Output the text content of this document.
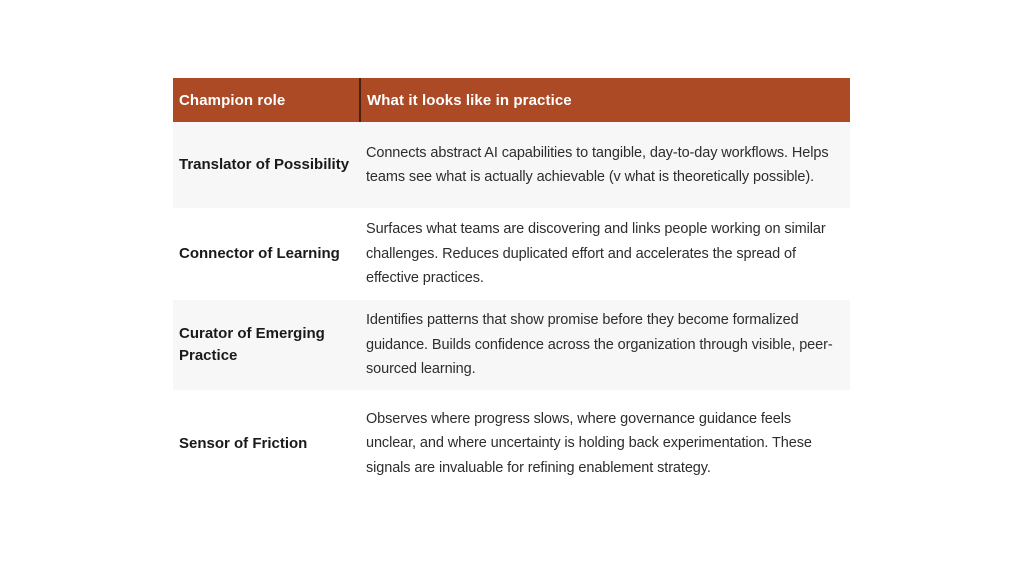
Champion role	What it looks like in practice
Translator of Possibility	Connects abstract AI capabilities to tangible, day-to-day workflows. Helps teams see what is actually achievable (v what is theoretically possible).
Connector of Learning	Surfaces what teams are discovering and links people working on similar challenges. Reduces duplicated effort and accelerates the spread of effective practices.
Curator of Emerging Practice	Identifies patterns that show promise before they become formalized guidance. Builds confidence across the organization through visible, peer-sourced learning.
Sensor of Friction	Observes where progress slows, where governance guidance feels unclear, and where uncertainty is holding back experimentation. These signals are invaluable for refining enablement strategy.
